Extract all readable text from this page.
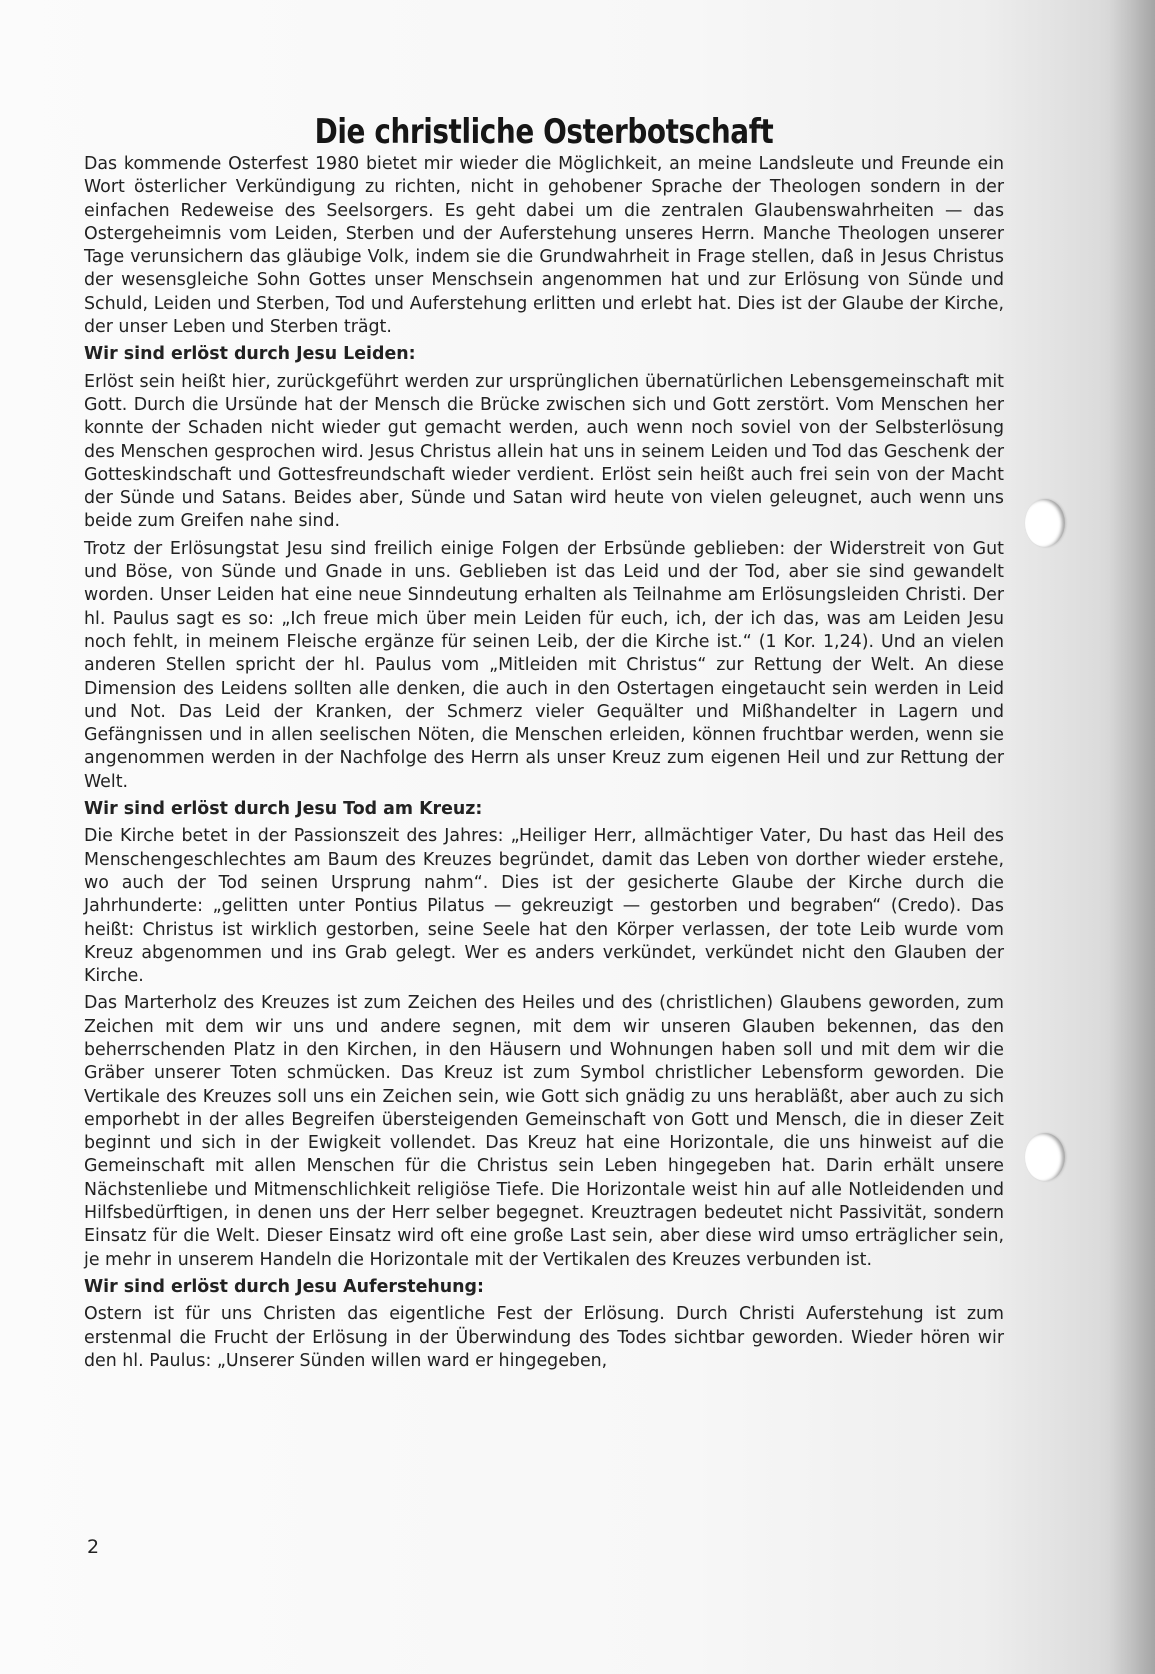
Die christliche Osterbotschaft

Das kommende Osterfest 1980 bietet mir wieder die Möglichkeit, an meine Landsleute und Freunde ein Wort österlicher Verkündigung zu richten, nicht in gehobener Sprache der Theologen sondern in der einfachen Redeweise des Seelsorgers. Es geht dabei um die zentralen Glaubenswahrheiten — das Ostergeheimnis vom Leiden, Sterben und der Auferstehung unseres Herrn. Manche Theologen unserer Tage verunsichern das gläubige Volk, indem sie die Grundwahrheit in Frage stellen, daß in Jesus Christus der wesensgleiche Sohn Gottes unser Menschsein angenommen hat und zur Erlösung von Sünde und Schuld, Leiden und Sterben, Tod und Auferstehung erlitten und erlebt hat. Dies ist der Glaube der Kirche, der unser Leben und Sterben trägt.

Wir sind erlöst durch Jesu Leiden:

Erlöst sein heißt hier, zurückgeführt werden zur ursprünglichen übernatürlichen Lebensgemeinschaft mit Gott. Durch die Ursünde hat der Mensch die Brücke zwischen sich und Gott zerstört. Vom Menschen her konnte der Schaden nicht wieder gut gemacht werden, auch wenn noch soviel von der Selbsterlösung des Menschen gesprochen wird. Jesus Christus allein hat uns in seinem Leiden und Tod das Geschenk der Gotteskindschaft und Gottesfreundschaft wieder verdient. Erlöst sein heißt auch frei sein von der Macht der Sünde und Satans. Beides aber, Sünde und Satan wird heute von vielen geleugnet, auch wenn uns beide zum Greifen nahe sind.

Trotz der Erlösungstat Jesu sind freilich einige Folgen der Erbsünde geblieben: der Widerstreit von Gut und Böse, von Sünde und Gnade in uns. Geblieben ist das Leid und der Tod, aber sie sind gewandelt worden. Unser Leiden hat eine neue Sinndeutung erhalten als Teilnahme am Erlösungsleiden Christi. Der hl. Paulus sagt es so: „Ich freue mich über mein Leiden für euch, ich, der ich das, was am Leiden Jesu noch fehlt, in meinem Fleische ergänze für seinen Leib, der die Kirche ist.“ (1 Kor. 1,24). Und an vielen anderen Stellen spricht der hl. Paulus vom „Mitleiden mit Christus“ zur Rettung der Welt. An diese Dimension des Leidens sollten alle denken, die auch in den Ostertagen eingetaucht sein werden in Leid und Not. Das Leid der Kranken, der Schmerz vieler Gequälter und Mißhandelter in Lagern und Gefängnissen und in allen seelischen Nöten, die Menschen erleiden, können fruchtbar werden, wenn sie angenommen werden in der Nachfolge des Herrn als unser Kreuz zum eigenen Heil und zur Rettung der Welt.

Wir sind erlöst durch Jesu Tod am Kreuz:

Die Kirche betet in der Passionszeit des Jahres: „Heiliger Herr, allmächtiger Vater, Du hast das Heil des Menschengeschlechtes am Baum des Kreuzes begründet, damit das Leben von dorther wieder erstehe, wo auch der Tod seinen Ursprung nahm“. Dies ist der gesicherte Glaube der Kirche durch die Jahrhunderte: „gelitten unter Pontius Pilatus — gekreuzigt — gestorben und begraben“ (Credo). Das heißt: Christus ist wirklich gestorben, seine Seele hat den Körper verlassen, der tote Leib wurde vom Kreuz abgenommen und ins Grab gelegt. Wer es anders verkündet, verkündet nicht den Glauben der Kirche.

Das Marterholz des Kreuzes ist zum Zeichen des Heiles und des (christlichen) Glaubens geworden, zum Zeichen mit dem wir uns und andere segnen, mit dem wir unseren Glauben bekennen, das den beherrschenden Platz in den Kirchen, in den Häusern und Wohnungen haben soll und mit dem wir die Gräber unserer Toten schmücken. Das Kreuz ist zum Symbol christlicher Lebensform geworden. Die Vertikale des Kreuzes soll uns ein Zeichen sein, wie Gott sich gnädig zu uns herabläßt, aber auch zu sich emporhebt in der alles Begreifen übersteigenden Gemeinschaft von Gott und Mensch, die in dieser Zeit beginnt und sich in der Ewigkeit vollendet. Das Kreuz hat eine Horizontale, die uns hinweist auf die Gemeinschaft mit allen Menschen für die Christus sein Leben hingegeben hat. Darin erhält unsere Nächstenliebe und Mitmenschlichkeit religiöse Tiefe. Die Horizontale weist hin auf alle Notleidenden und Hilfsbedürftigen, in denen uns der Herr selber begegnet. Kreuztragen bedeutet nicht Passivität, sondern Einsatz für die Welt. Dieser Einsatz wird oft eine große Last sein, aber diese wird umso erträglicher sein, je mehr in unserem Handeln die Horizontale mit der Vertikalen des Kreuzes verbunden ist.

Wir sind erlöst durch Jesu Auferstehung:

Ostern ist für uns Christen das eigentliche Fest der Erlösung. Durch Christi Auferstehung ist zum erstenmal die Frucht der Erlösung in der Überwindung des Todes sichtbar geworden. Wieder hören wir den hl. Paulus: „Unserer Sünden willen ward er hingegeben,

2
